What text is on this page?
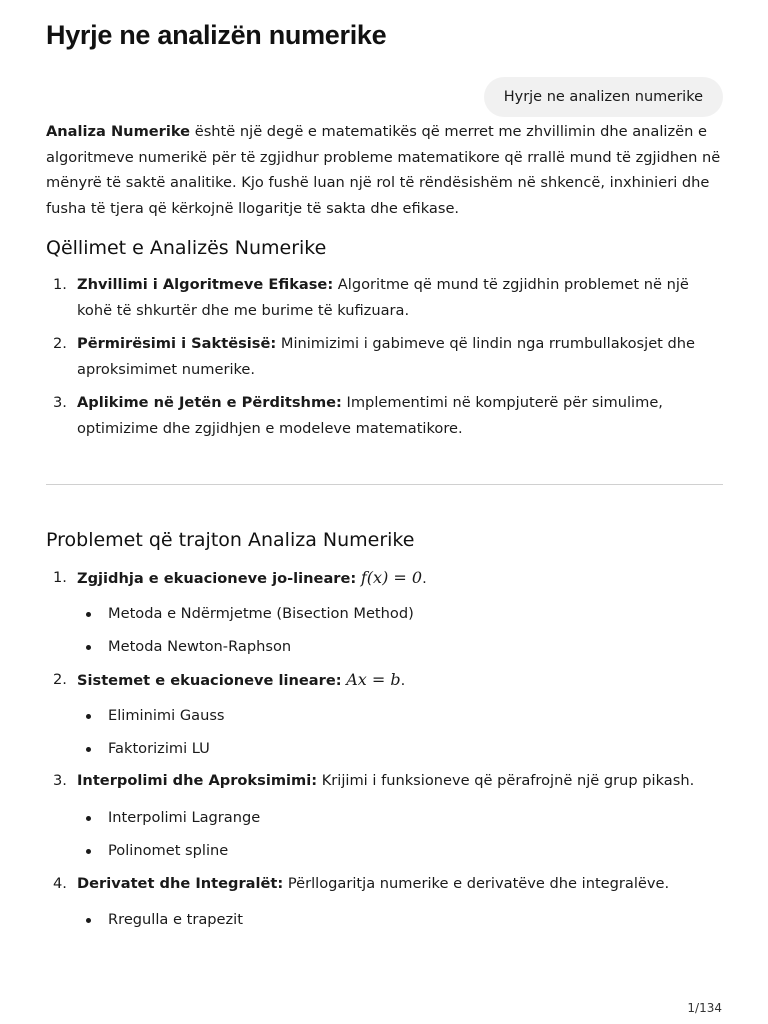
Hyrje ne analizën numerike
Hyrje ne analizen numerike

Analiza Numerike është një degë e matematikës që merret me zhvillimin dhe analizën e algoritmeve numerikë për të zgjidhur probleme matematikore që rrallë mund të zgjidhen në mënyrë të saktë analitike. Kjo fushë luan një rol të rëndësishëm në shkencë, inxhinieri dhe fusha të tjera që kërkojnë llogaritje të sakta dhe efikase.

Qëllimet e Analizës Numerike
1. Zhvillimi i Algoritmeve Efikase: Algoritme që mund të zgjidhin problemet në një kohë të shkurtër dhe me burime të kufizuara.
2. Përmirësimi i Saktësisë: Minimizimi i gabimeve që lindin nga rrumbullakosjet dhe aproksimimet numerike.
3. Aplikime në Jetën e Përditshme: Implementimi në kompjuterë për simulime, optimizime dhe zgjidhjen e modeleve matematikore.
Problemet që trajton Analiza Numerike
1. Zgjidhja e ekuacioneve jo-lineare: f(x) = 0.
Metoda e Ndërmjetme (Bisection Method)
Metoda Newton-Raphson
2. Sistemet e ekuacioneve lineare: Ax = b.
Eliminimi Gauss
Faktorizimi LU
3. Interpolimi dhe Aproksimimi: Krijimi i funksioneve që përafrojnë një grup pikash.
Interpolimi Lagrange
Polinomet spline
4. Derivatet dhe Integralët: Përllogaritja numerike e derivatëve dhe integralëve.
Rregulla e trapezit
1/134
